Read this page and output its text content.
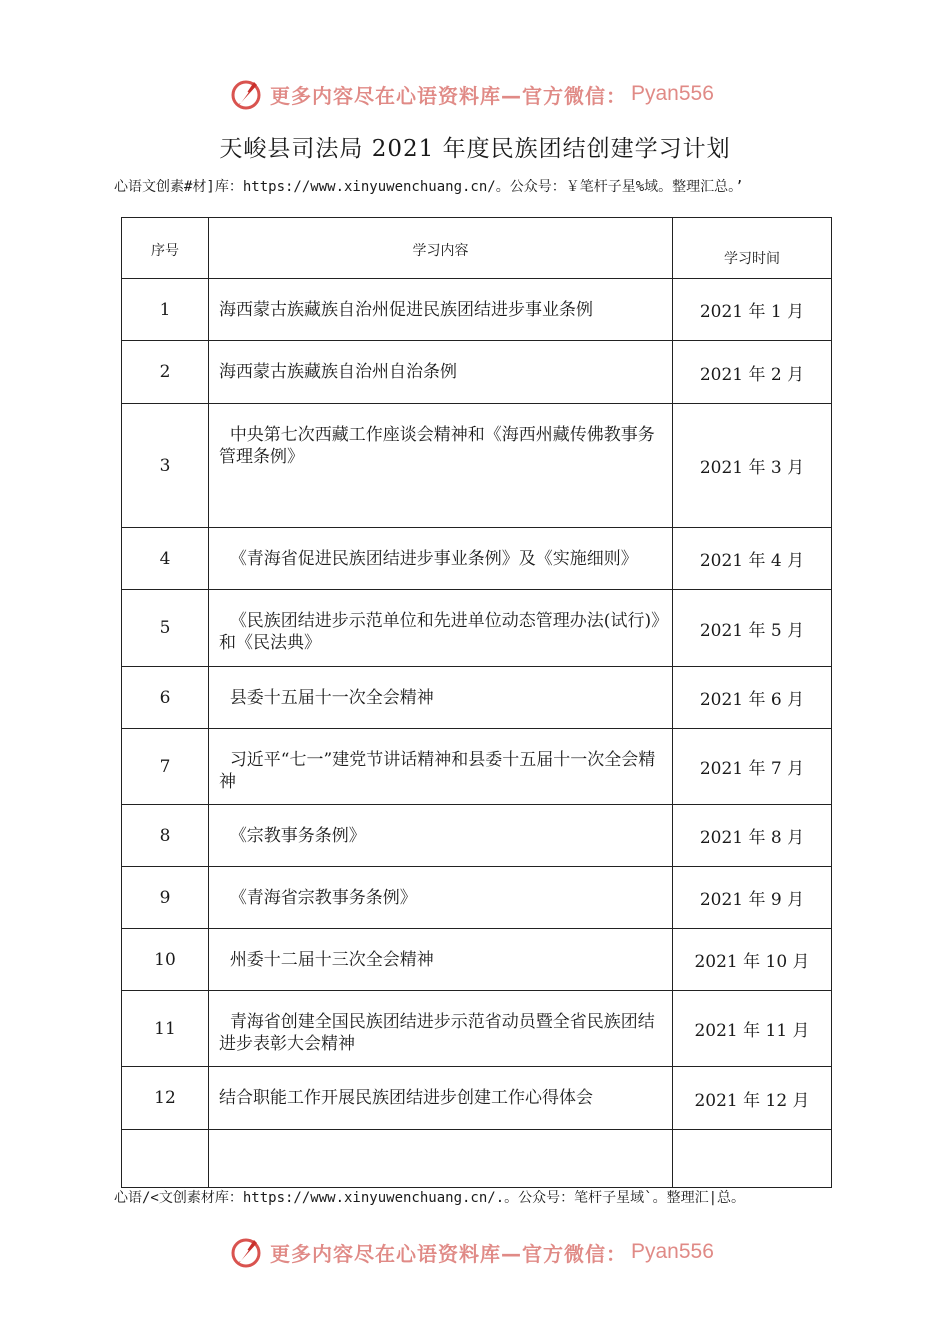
更多内容尽在心语资料库—官方微信： Pyan556
天峻县司法局 2021 年度民族团结创建学习计划
心语文创素#材]库：https://www.xinyuwenchuang.cn/。公众号：￥笔杆子星%域。整理汇总。’
序号	学习内容	学习时间
1	海西蒙古族藏族自治州促进民族团结进步事业条例	2021 年 1 月
2	海西蒙古族藏族自治州自治条例	2021 年 2 月
3	中央第七次西藏工作座谈会精神和《海西州藏传佛教事务管理条例》	2021 年 3 月
4	《青海省促进民族团结进步事业条例》及《实施细则》	2021 年 4 月
5	《民族团结进步示范单位和先进单位动态管理办法(试行)》和《民法典》	2021 年 5 月
6	县委十五届十一次全会精神	2021 年 6 月
7	习近平“七一”建党节讲话精神和县委十五届十一次全会精神	2021 年 7 月
8	《宗教事务条例》	2021 年 8 月
9	《青海省宗教事务条例》	2021 年 9 月
10	州委十二届十三次全会精神	2021 年 10 月
11	青海省创建全国民族团结进步示范省动员暨全省民族团结进步表彰大会精神	2021 年 11 月
12	结合职能工作开展民族团结进步创建工作心得体会	2021 年 12 月

心语/<文创素材库：https://www.xinyuwenchuang.cn/.。公众号：笔杆子星域`。整理汇|总。
更多内容尽在心语资料库—官方微信： Pyan556
